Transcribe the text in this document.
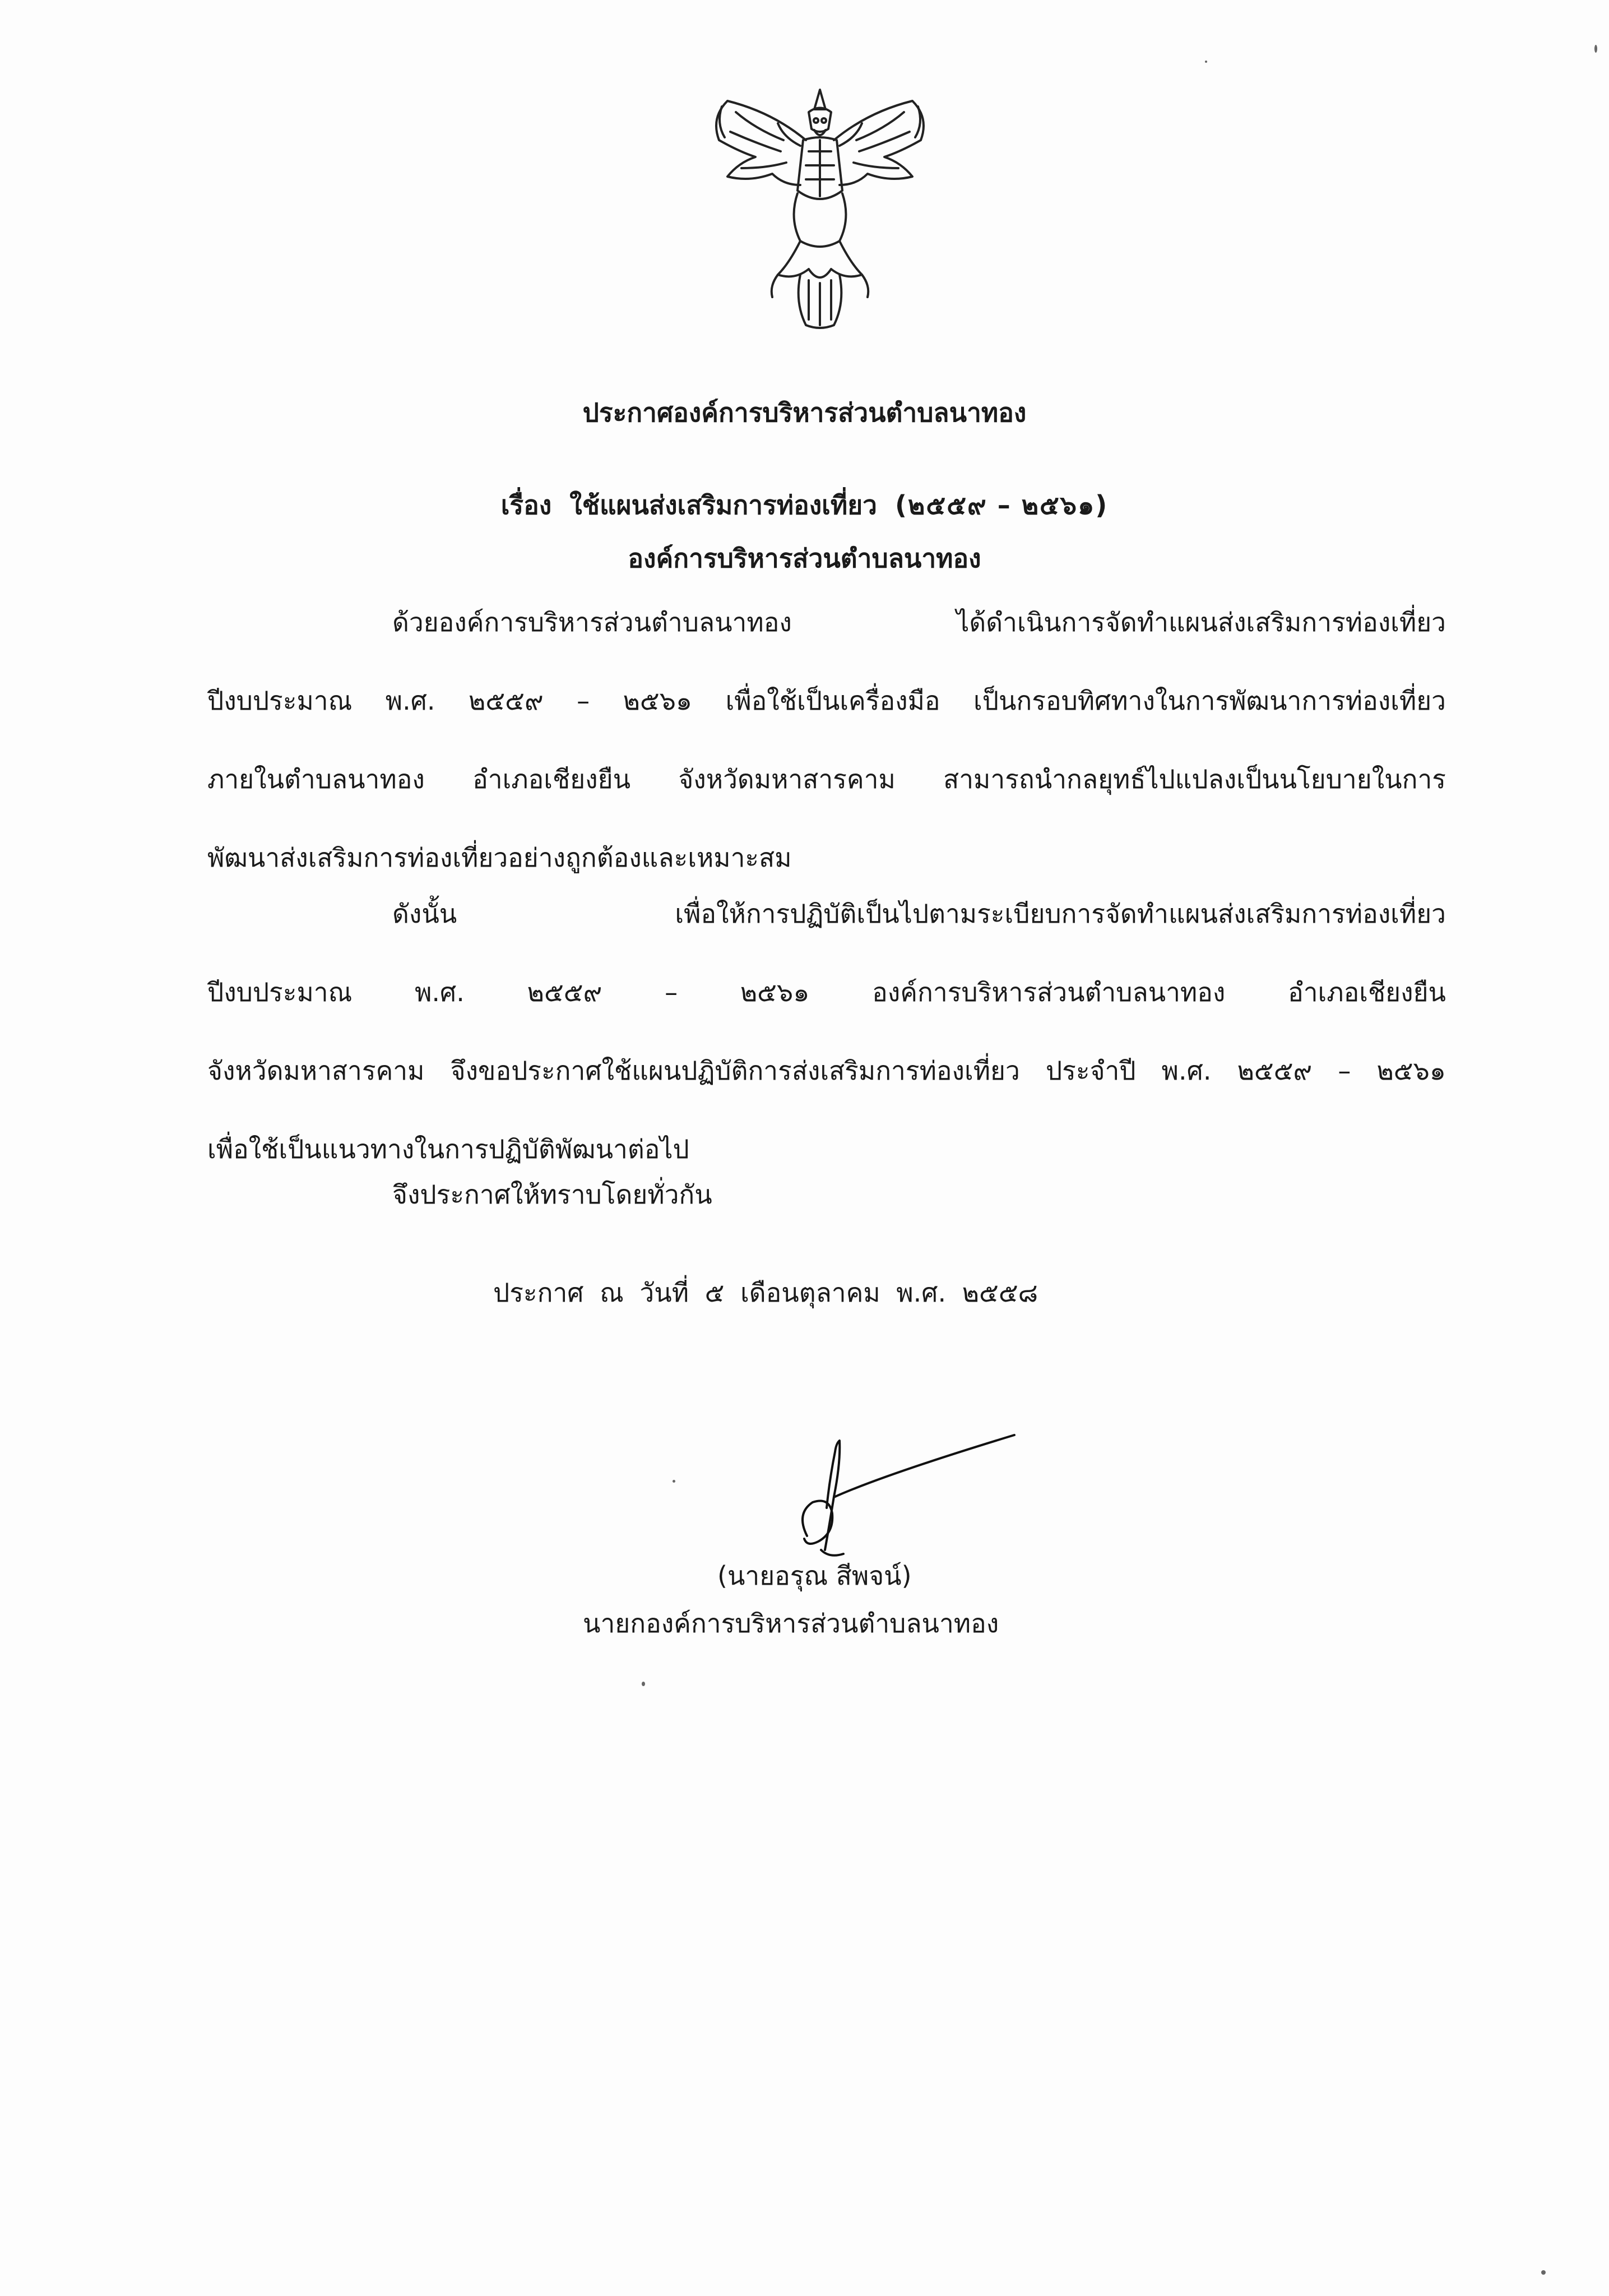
ประกาศองค์การบริหารส่วนตำบลนาทอง
เรื่อง ใช้แผนส่งเสริมการท่องเที่ยว (๒๕๕๙ – ๒๕๖๑)
องค์การบริหารส่วนตำบลนาทอง
ด้วยองค์การบริหารส่วนตำบลนาทอง ได้ดำเนินการจัดทำแผนส่งเสริมการท่องเที่ยว
ปีงบประมาณ พ.ศ. ๒๕๕๙ – ๒๕๖๑ เพื่อใช้เป็นเครื่องมือ เป็นกรอบทิศทางในการพัฒนาการท่องเที่ยว
ภายในตำบลนาทอง อำเภอเชียงยืน จังหวัดมหาสารคาม สามารถนำกลยุทธ์ไปแปลงเป็นนโยบายในการ
พัฒนาส่งเสริมการท่องเที่ยวอย่างถูกต้องและเหมาะสม
ดังนั้น เพื่อให้การปฏิบัติเป็นไปตามระเบียบการจัดทำแผนส่งเสริมการท่องเที่ยว
ปีงบประมาณ พ.ศ. ๒๕๕๙ – ๒๕๖๑ องค์การบริหารส่วนตำบลนาทอง อำเภอเชียงยืน
จังหวัดมหาสารคาม จึงขอประกาศใช้แผนปฏิบัติการส่งเสริมการท่องเที่ยว ประจำปี พ.ศ. ๒๕๕๙ – ๒๕๖๑
เพื่อใช้เป็นแนวทางในการปฏิบัติพัฒนาต่อไป
จึงประกาศให้ทราบโดยทั่วกัน
ประกาศ ณ วันที่ ๕ เดือนตุลาคม พ.ศ. ๒๕๕๘
(นายอรุณ สีพจน์)
นายกองค์การบริหารส่วนตำบลนาทอง
